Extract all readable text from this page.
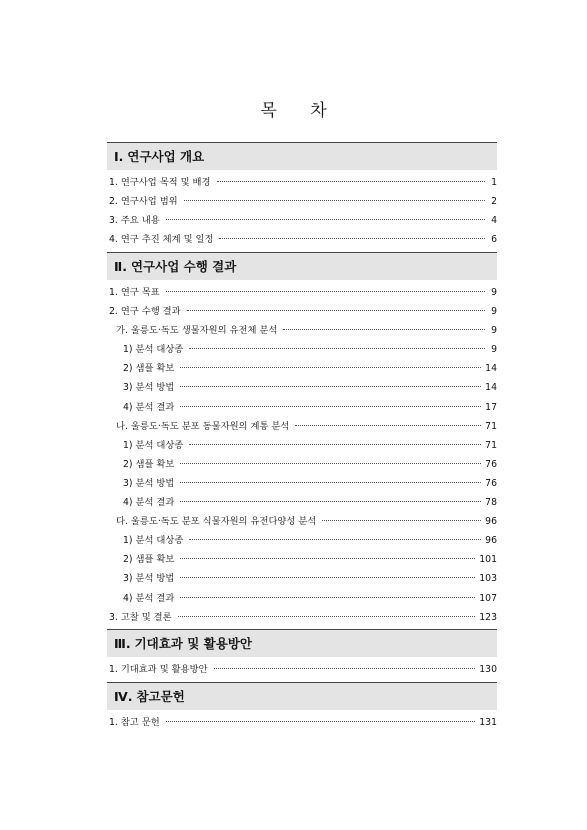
목 차
Ⅰ. 연구사업 개요
1. 연구사업 목적 및 배경	1
2. 연구사업 범위	2
3. 주요 내용	4
4. 연구 추진 체계 및 일정	6
Ⅱ. 연구사업 수행 결과
1. 연구 목표	9
2. 연구 수행 결과	9
가. 울릉도·독도 생물자원의 유전체 분석	9
1) 분석 대상종	9
2) 샘플 확보	14
3) 분석 방법	14
4) 분석 결과	17
나. 울릉도·독도 분포 동물자원의 계통 분석	71
1) 분석 대상종	71
2) 샘플 확보	76
3) 분석 방법	76
4) 분석 결과	78
다. 울릉도·독도 분포 식물자원의 유전다양성 분석	96
1) 분석 대상종	96
2) 샘플 확보	101
3) 분석 방법	103
4) 분석 결과	107
3. 고찰 및 결론	123
Ⅲ. 기대효과 및 활용방안
1. 기대효과 및 활용방안	130
Ⅳ. 참고문헌
1. 참고 문헌	131
